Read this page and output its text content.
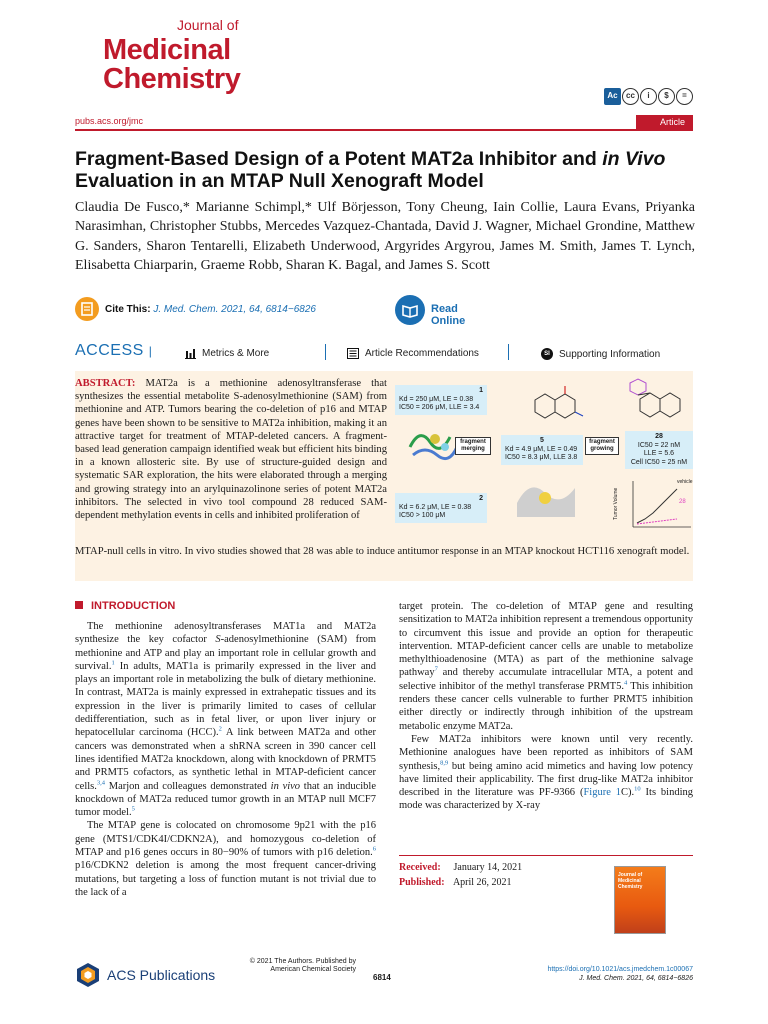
Journal of
Medicinal
Chemistry
Ac	cc	i	$	=
pubs.acs.org/jmc	Article
Fragment-Based Design of a Potent MAT2a Inhibitor and in Vivo Evaluation in an MTAP Null Xenograft Model
Claudia De Fusco,* Marianne Schimpl,* Ulf Börjesson, Tony Cheung, Iain Collie, Laura Evans, Priyanka Narasimhan, Christopher Stubbs, Mercedes Vazquez-Chantada, David J. Wagner, Michael Grondine, Matthew G. Sanders, Sharon Tentarelli, Elizabeth Underwood, Argyrides Argyrou, James M. Smith, James T. Lynch, Elisabetta Chiarparin, Graeme Robb, Sharan K. Bagal, and James S. Scott
Cite This: J. Med. Chem. 2021, 64, 6814−6826	Read Online
ACCESS |	Metrics & More	Article Recommendations	SI Supporting Information
ABSTRACT: MAT2a is a methionine adenosyltransferase that synthesizes the essential metabolite S-adenosylmethionine (SAM) from methionine and ATP. Tumors bearing the co-deletion of p16 and MTAP genes have been shown to be sensitive to MAT2a inhibition, making it an attractive target for treatment of MTAP-deleted cancers. A fragment-based lead generation campaign identified weak but efficient hits binding in a known allosteric site. By use of structure-guided design and systematic SAR exploration, the hits were elaborated through a merging and growing strategy into an arylquinazolinone series of potent MAT2a inhibitors. The selected in vivo tool compound 28 reduced SAM-dependent methylation events in cells and inhibited proliferation of
MTAP-null cells in vitro. In vivo studies showed that 28 was able to induce antitumor response in an MTAP knockout HCT116 xenograft model.
1
Kd = 250 μM, LE = 0.38
IC50 = 206 μM, LLE = 3.4
2
Kd = 6.2 μM, LE = 0.38
IC50 > 100 μM
fragment merging
5
Kd = 4.9 μM, LE = 0.49
IC50 = 8.3 μM, LLE 3.8
fragment growing
28
IC50 = 22 nM
LLE = 5.6
Cell IC50 = 25 nM
vehicle
28
Tumor Volume
INTRODUCTION

The methionine adenosyltransferases MAT1a and MAT2a synthesize the key cofactor S-adenosylmethionine (SAM) from methionine and ATP and play an important role in cellular growth and survival.$^1$ In adults, MAT1a is primarily expressed in the liver and plays an important role in metabolizing the bulk of dietary methionine. In contrast, MAT2a is mainly expressed in extrahepatic tissues and its expression in the liver is primarily limited to cases of cellular dedifferentiation, such as in fetal liver, or upon liver injury or hepatocellular carcinoma (HCC).$^2$ A link between MAT2a and other cancers was demonstrated when a shRNA screen in 390 cancer cell lines identified MAT2a knockdown, along with knockdown of PRMT5 and PRMT5 cofactors, as synthetic lethal in MTAP-deficient cancer cells.$^{3,4}$ Marjon and colleagues demonstrated in vivo that an inducible knockdown of MAT2a reduced tumor growth in an MTAP null MCF7 tumor model.$^5$

The MTAP gene is colocated on chromosome 9p21 with the p16 gene (MTS1/CDK4I/CDKN2A), and homozygous co-deletion of MTAP and p16 genes occurs in 80−90% of tumors with p16 deletion.$^6$ p16/CDKN2 deletion is among the most frequent cancer-driving mutations, but targeting a loss of function mutant is not trivial due to the lack of a

target protein. The co-deletion of MTAP gene and resulting sensitization to MAT2a inhibition represent a tremendous opportunity to circumvent this issue and provide an option for therapeutic intervention. MTAP-deficient cancer cells are unable to metabolize methylthioadenosine (MTA) as part of the methionine salvage pathway$^7$ and thereby accumulate intracellular MTA, a potent and selective inhibitor of the methyl transferase PRMT5.$^4$ This inhibition renders these cancer cells vulnerable to further PRMT5 inhibition either directly or indirectly through inhibition of the upstream metabolic enzyme MAT2a.

Few MAT2a inhibitors were known until very recently. Methionine analogues have been reported as inhibitors of SAM synthesis,$^{8,9}$ but being amino acid mimetics and having low potency have limited their applicability. The first drug-like MAT2a inhibitor described in the literature was PF-9366 (Figure 1C).$^{10}$ Its binding mode was characterized by X-ray

Received: January 14, 2021
Published: April 26, 2021
Journal of Medicinal Chemistry
ACS Publications
© 2021 The Authors. Published by American Chemical Society
6814
https://doi.org/10.1021/acs.jmedchem.1c00067
J. Med. Chem. 2021, 64, 6814−6826
